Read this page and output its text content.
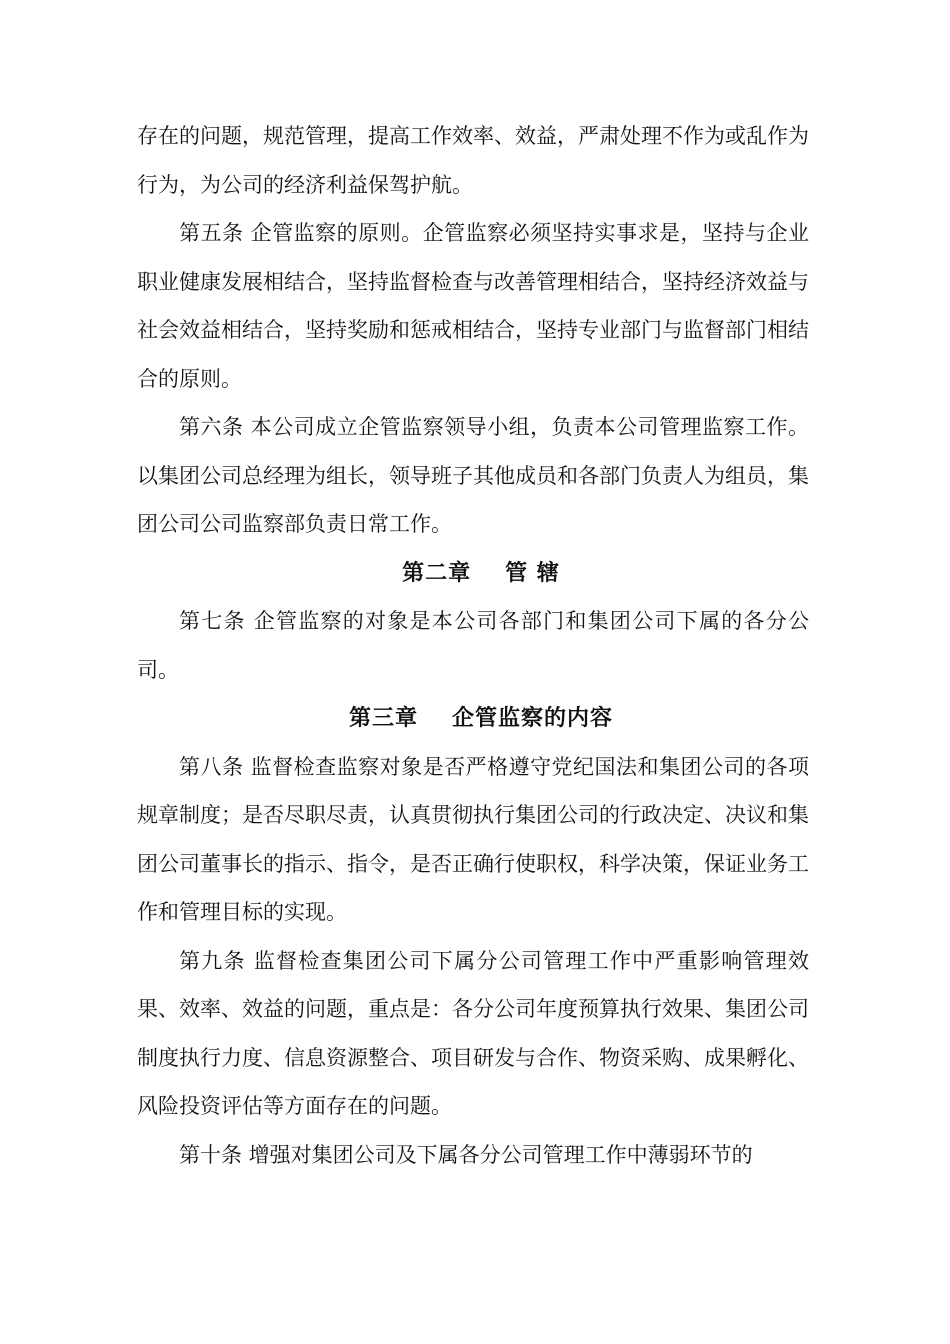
存在的问题，规范管理，提高工作效率、效益，严肃处理不作为或乱作为行为，为公司的经济利益保驾护航。

第五条 企管监察的原则。企管监察必须坚持实事求是，坚持与企业职业健康发展相结合，坚持监督检查与改善管理相结合，坚持经济效益与社会效益相结合，坚持奖励和惩戒相结合，坚持专业部门与监督部门相结合的原则。

第六条 本公司成立企管监察领导小组，负责本公司管理监察工作。以集团公司总经理为组长，领导班子其他成员和各部门负责人为组员，集团公司公司监察部负责日常工作。

第二章 管 辖

第七条 企管监察的对象是本公司各部门和集团公司下属的各分公司。

第三章 企管监察的内容

第八条 监督检查监察对象是否严格遵守党纪国法和集团公司的各项规章制度；是否尽职尽责，认真贯彻执行集团公司的行政决定、决议和集团公司董事长的指示、指令，是否正确行使职权，科学决策，保证业务工作和管理目标的实现。

第九条 监督检查集团公司下属分公司管理工作中严重影响管理效果、效率、效益的问题，重点是：各分公司年度预算执行效果、集团公司制度执行力度、信息资源整合、项目研发与合作、物资采购、成果孵化、风险投资评估等方面存在的问题。

第十条 增强对集团公司及下属各分公司管理工作中薄弱环节的
